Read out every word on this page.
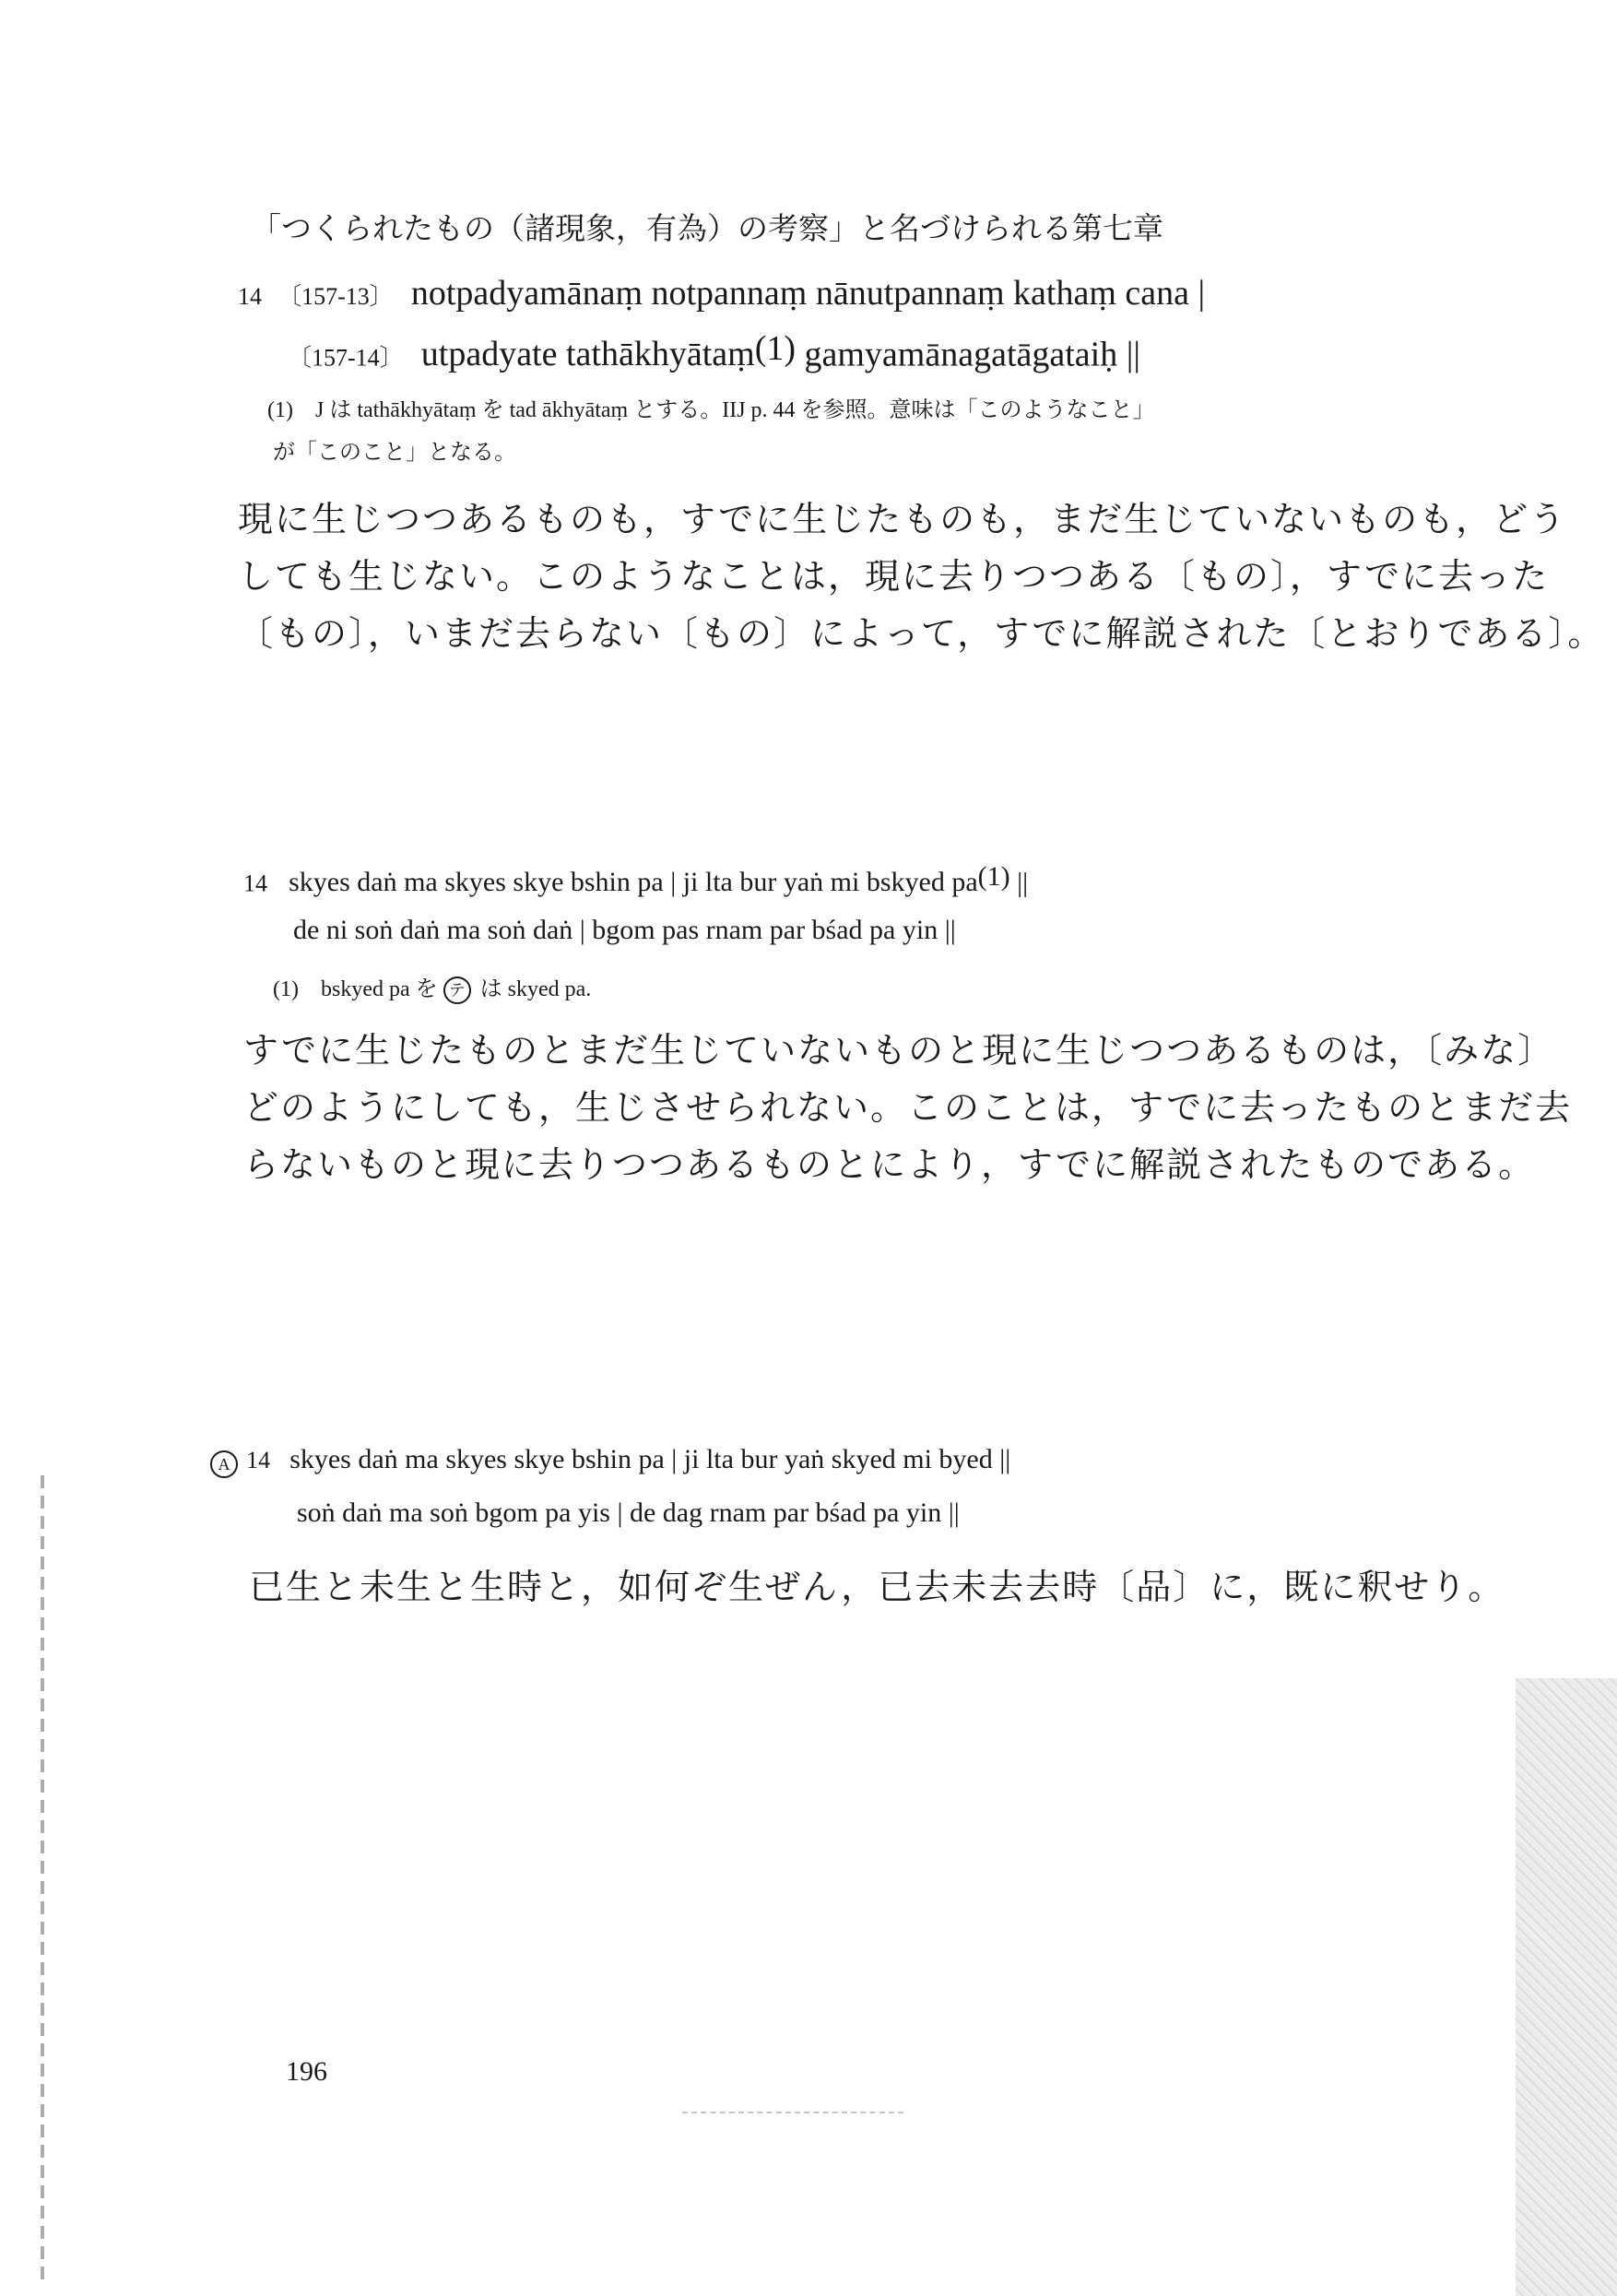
「つくられたもの（諸現象，有為）の考察」と名づけられる第七章
14 〔157-13〕 notpadyamānaṃ notpannaṃ nānutpannaṃ kathaṃ cana |
〔157-14〕 utpadyate tathākhyātaṃ$^{(1)}$ gamyamānagatāgataiḥ ||
(1)　J は tathākhyātaṃ を tad ākhyātaṃ とする。IIJ p. 44 を参照。意味は「このようなこと」
が「このこと」となる。
現に生じつつあるものも，すでに生じたものも，まだ生じていないものも，どう
しても生じない。このようなことは，現に去りつつある〔もの〕，すでに去った
〔もの〕，いまだ去らない〔もの〕によって，すでに解説された〔とおりである〕。
14 skyes daṅ ma skyes skye bshin pa | ji lta bur yaṅ mi bskyed $pa^{(1)}$ ||
de ni soṅ daṅ ma soṅ daṅ | bgom pas rnam par bśad pa yin ||
(1)　bskyed pa を テ は skyed pa.
すでに生じたものとまだ生じていないものと現に生じつつあるものは，〔みな〕
どのようにしても，生じさせられない。このことは，すでに去ったものとまだ去
らないものと現に去りつつあるものとにより，すでに解説されたものである。
A 14 skyes daṅ ma skyes skye bshin pa | ji lta bur yaṅ skyed mi byed ||
soṅ daṅ ma soṅ bgom pa yis | de dag rnam par bśad pa yin ||
已生と未生と生時と，如何ぞ生ぜん，已去未去去時〔品〕に，既に釈せり。
196
